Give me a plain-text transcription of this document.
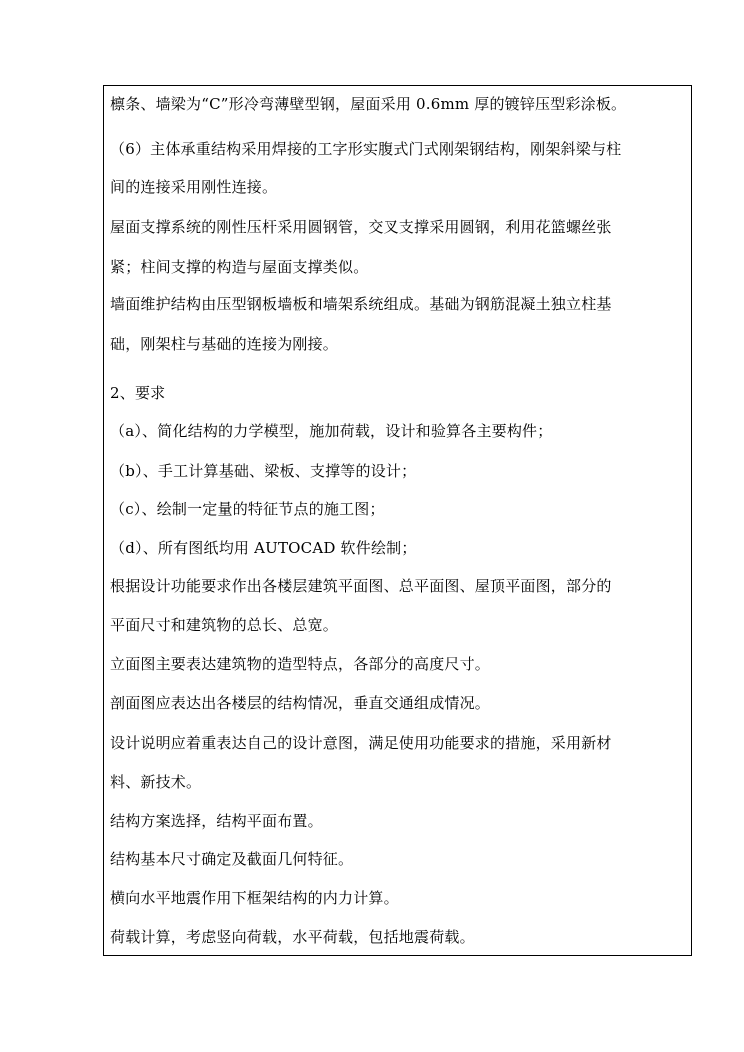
檩条、墙梁为“C”形冷弯薄壁型钢，屋面采用 0.6mm 厚的镀锌压型彩涂板。
（6）主体承重结构采用焊接的工字形实腹式门式刚架钢结构，刚架斜梁与柱
间的连接采用刚性连接。
屋面支撑系统的刚性压杆采用圆钢管，交叉支撑采用圆钢，利用花篮螺丝张
紧；柱间支撑的构造与屋面支撑类似。
墙面维护结构由压型钢板墙板和墙架系统组成。基础为钢筋混凝土独立柱基
础，刚架柱与基础的连接为刚接。
2、要求
（a）、简化结构的力学模型，施加荷载，设计和验算各主要构件；
（b）、手工计算基础、梁板、支撑等的设计；
（c）、绘制一定量的特征节点的施工图；
（d）、所有图纸均用 AUTOCAD 软件绘制；
根据设计功能要求作出各楼层建筑平面图、总平面图、屋顶平面图，部分的
平面尺寸和建筑物的总长、总宽。
立面图主要表达建筑物的造型特点，各部分的高度尺寸。
剖面图应表达出各楼层的结构情况，垂直交通组成情况。
设计说明应着重表达自己的设计意图，满足使用功能要求的措施，采用新材
料、新技术。
结构方案选择，结构平面布置。
结构基本尺寸确定及截面几何特征。
横向水平地震作用下框架结构的内力计算。
荷载计算，考虑竖向荷载，水平荷载，包括地震荷载。
